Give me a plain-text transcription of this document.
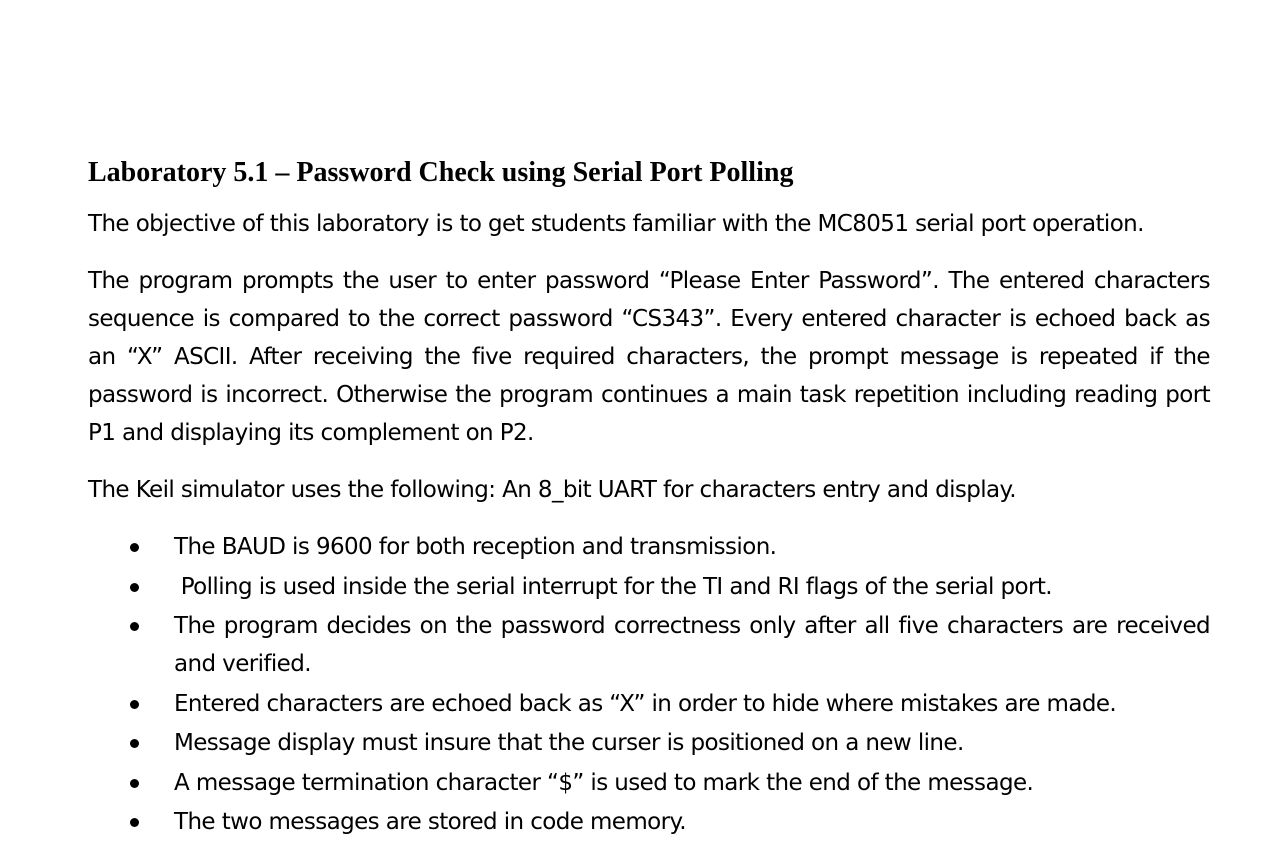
Laboratory 5.1 – Password Check using Serial Port Polling

The objective of this laboratory is to get students familiar with the MC8051 serial port operation.

The program prompts the user to enter password “Please Enter Password”. The entered characters sequence is compared to the correct password “CS343”. Every entered character is echoed back as an “X” ASCII. After receiving the five required characters, the prompt message is repeated if the password is incorrect. Otherwise the program continues a main task repetition including reading port P1 and displaying its complement on P2.

The Keil simulator uses the following: An 8_bit UART for characters entry and display.

The BAUD is 9600 for both reception and transmission.
Polling is used inside the serial interrupt for the TI and RI flags of the serial port.
The program decides on the password correctness only after all five characters are received and verified.
Entered characters are echoed back as “X” in order to hide where mistakes are made.
Message display must insure that the curser is positioned on a new line.
A message termination character “$” is used to mark the end of the message.
The two messages are stored in code memory.
